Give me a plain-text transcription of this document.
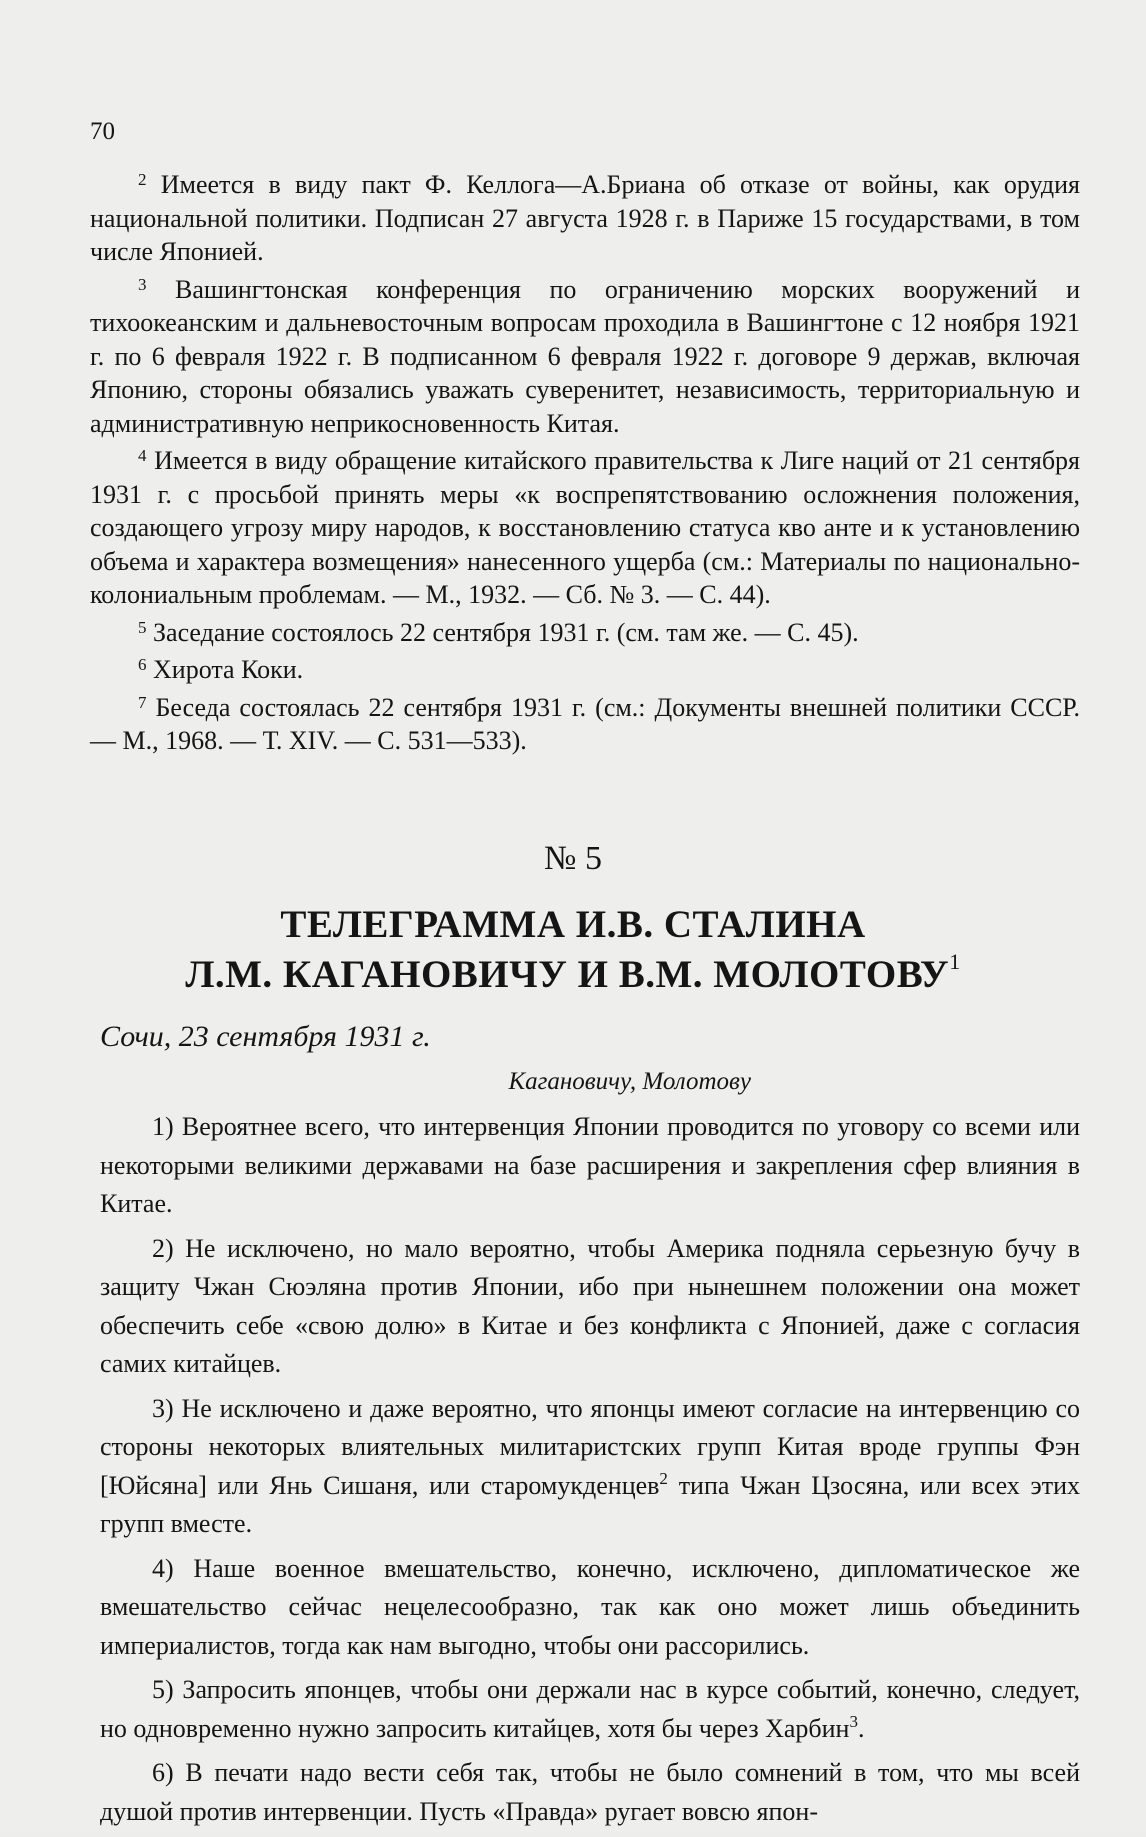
70

$^2$ Имеется в виду пакт Ф. Келлога—А.Бриана об отказе от войны, как орудия национальной политики. Подписан 27 августа 1928 г. в Париже 15 государствами, в том числе Японией.

$^3$ Вашингтонская конференция по ограничению морских вооружений и тихоокеанским и дальневосточным вопросам проходила в Вашингтоне с 12 ноября 1921 г. по 6 февраля 1922 г. В подписанном 6 февраля 1922 г. договоре 9 держав, включая Японию, стороны обязались уважать суверенитет, независимость, территориальную и административную неприкосновенность Китая.

$^4$ Имеется в виду обращение китайского правительства к Лиге наций от 21 сентября 1931 г. с просьбой принять меры «к воспрепятствованию осложнения положения, создающего угрозу миру народов, к восстановлению статуса кво анте и к установлению объема и характера возмещения» нанесенного ущерба (см.: Материалы по национально-колониальным проблемам. — М., 1932. — Сб. № 3. — С. 44).

$^5$ Заседание состоялось 22 сентября 1931 г. (см. там же. — С. 45).

$^6$ Хирота Коки.

$^7$ Беседа состоялась 22 сентября 1931 г. (см.: Документы внешней политики СССР. — М., 1968. — Т. XIV. — С. 531—533).

№ 5
ТЕЛЕГРАММА И.В. СТАЛИНА
Л.М. КАГАНОВИЧУ И В.М. МОЛОТОВУ$^1$
Сочи, 23 сентября 1931 г.
Кагановичу, Молотову

1) Вероятнее всего, что интервенция Японии проводится по уговору со всеми или некоторыми великими державами на базе расширения и закрепления сфер влияния в Китае.

2) Не исключено, но мало вероятно, чтобы Америка подняла серьезную бучу в защиту Чжан Сюэляна против Японии, ибо при нынешнем положении она может обеспечить себе «свою долю» в Китае и без конфликта с Японией, даже с согласия самих китайцев.

3) Не исключено и даже вероятно, что японцы имеют согласие на интервенцию со стороны некоторых влиятельных милитаристских групп Китая вроде группы Фэн [Юйсяна] или Янь Сишаня, или старомукденцев$^2$ типа Чжан Цзосяна, или всех этих групп вместе.

4) Наше военное вмешательство, конечно, исключено, дипломатическое же вмешательство сейчас нецелесообразно, так как оно может лишь объединить империалистов, тогда как нам выгодно, чтобы они рассорились.

5) Запросить японцев, чтобы они держали нас в курсе событий, конечно, следует, но одновременно нужно запросить китайцев, хотя бы через Харбин$^3$.

6) В печати надо вести себя так, чтобы не было сомнений в том, что мы всей душой против интервенции. Пусть «Правда» ругает вовсю япон-
